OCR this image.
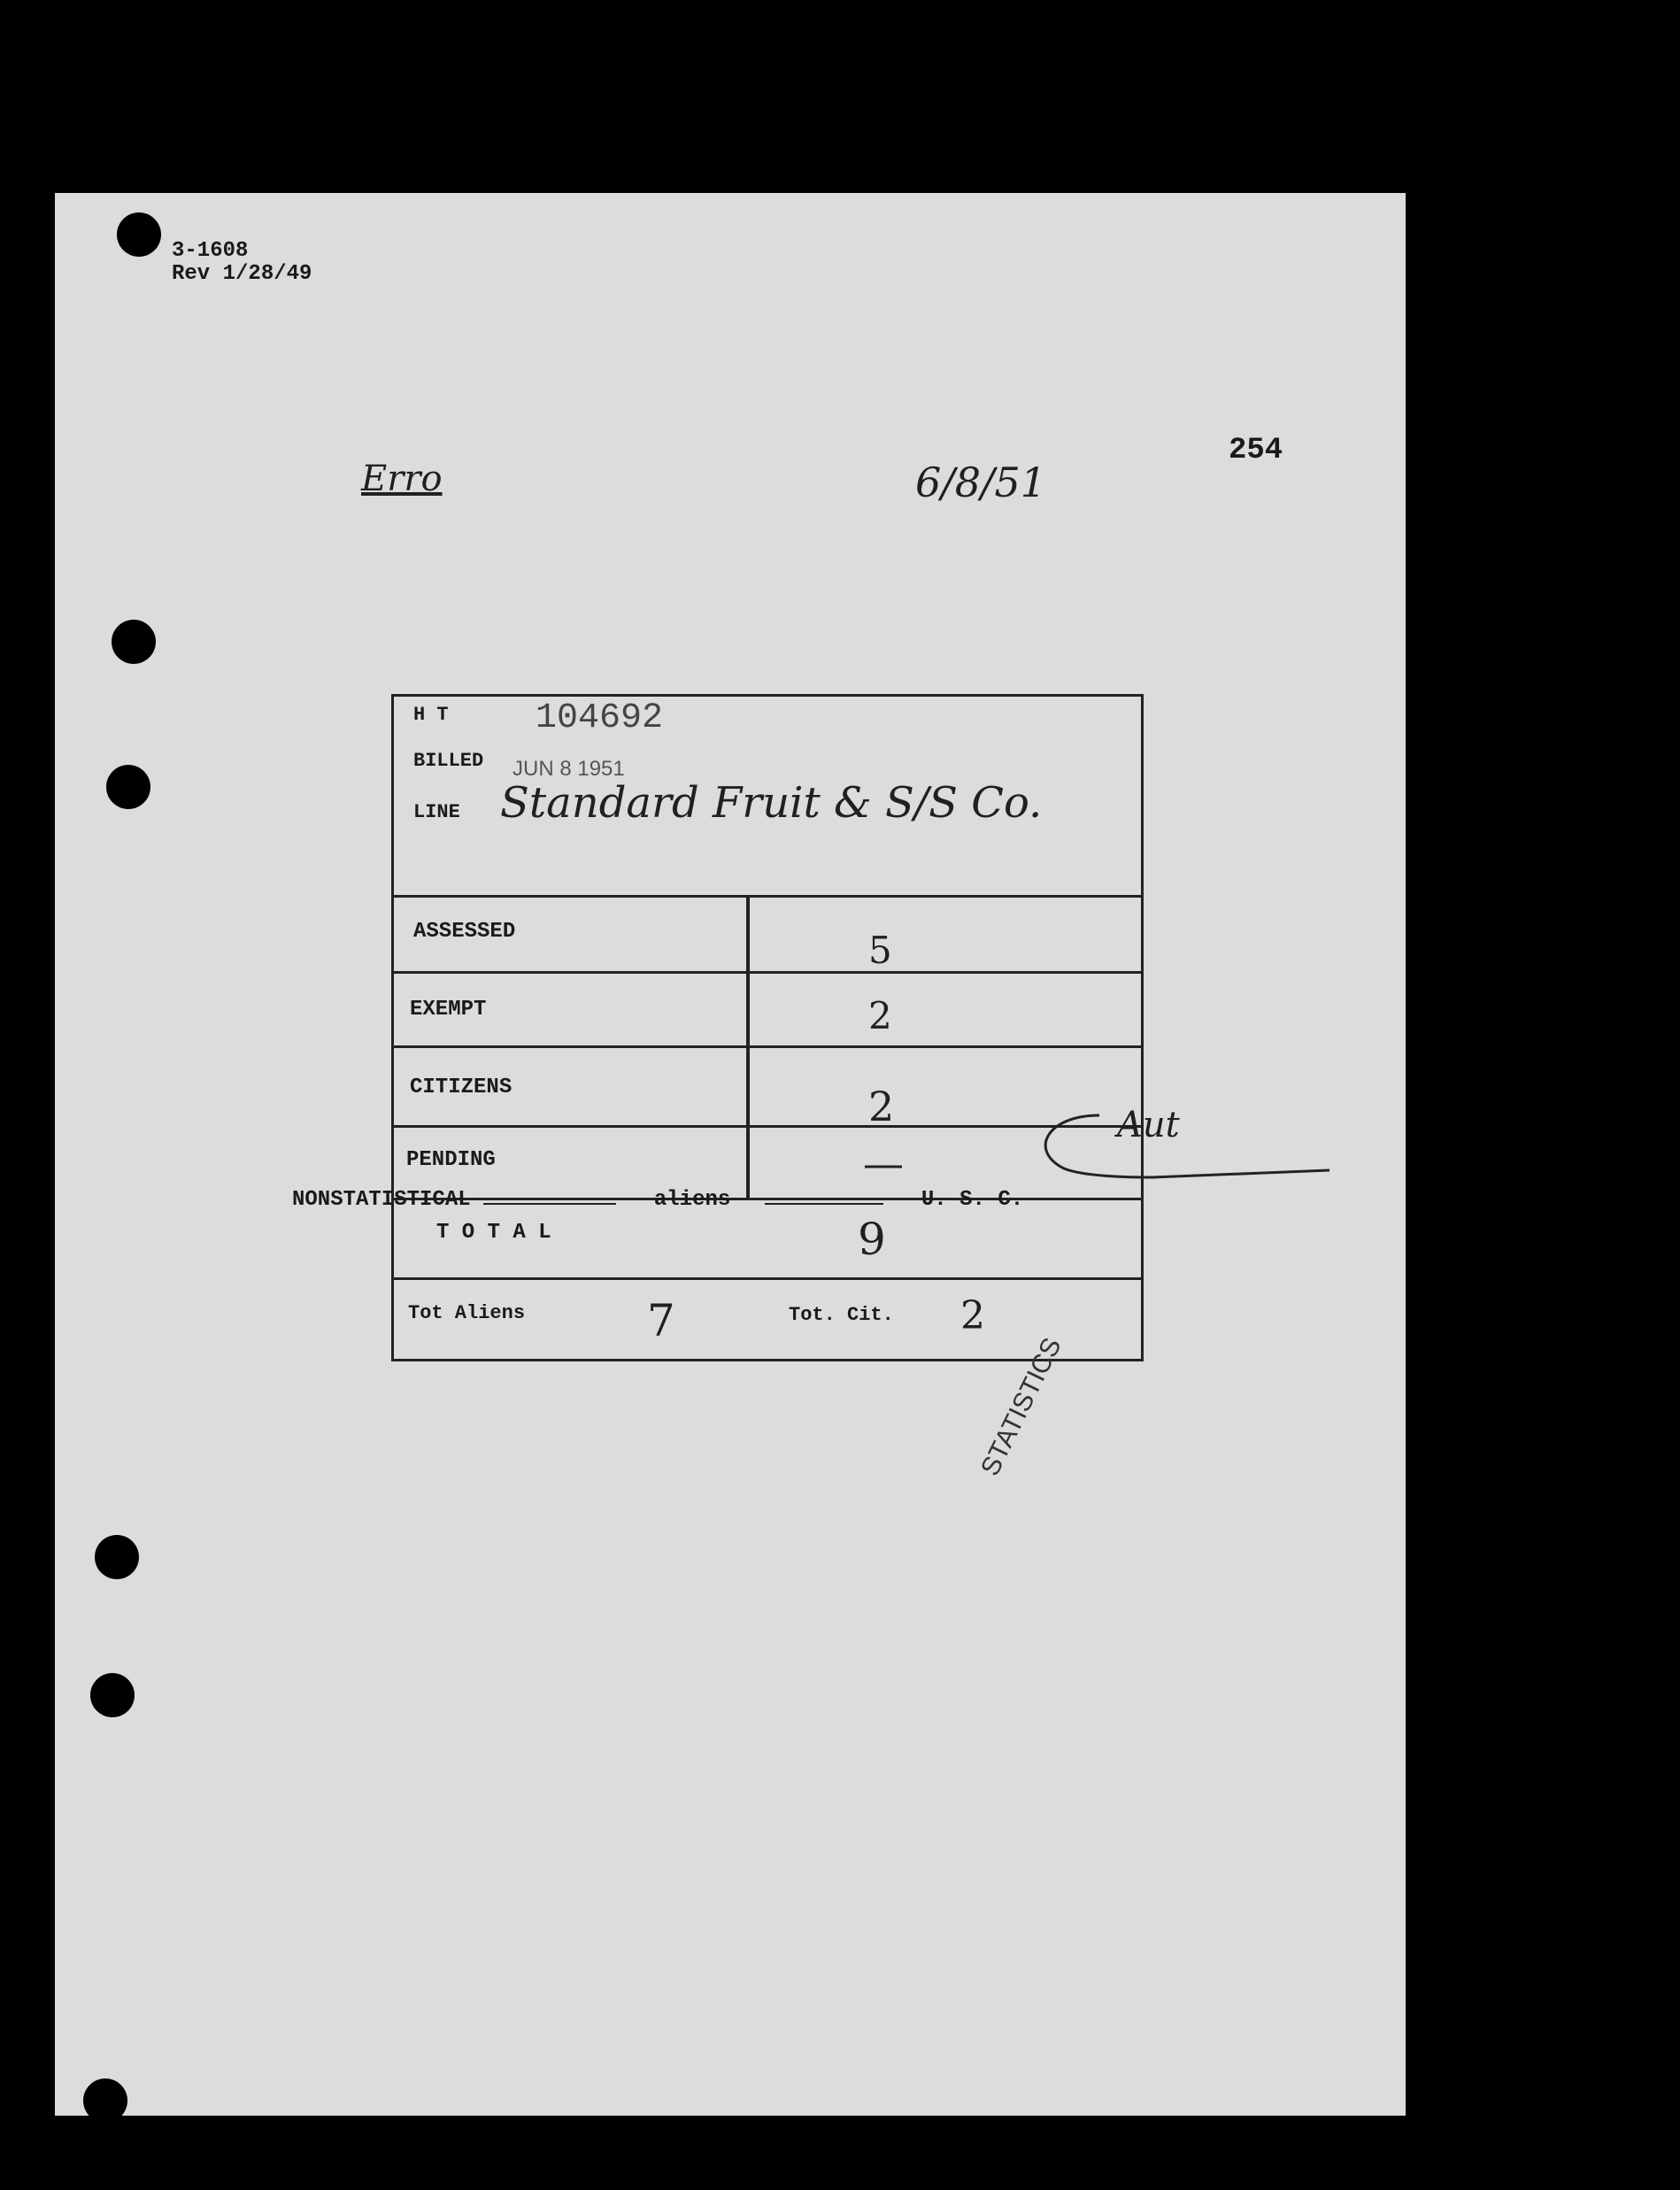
3-1608
Rev 1/28/49
254
Erro	6/8/51
H T 104692
BILLED JUN 8 1951
LINE Standard Fruit & S/S Co.
ASSESSED	5
EXEMPT	2
CITIZENS	2
PENDING	—
T O T A L	9
Tot Aliens	7	Tot. Cit. 2
Aut
NONSTATISTICAL	aliens	U. S. C.
STATISTICS
